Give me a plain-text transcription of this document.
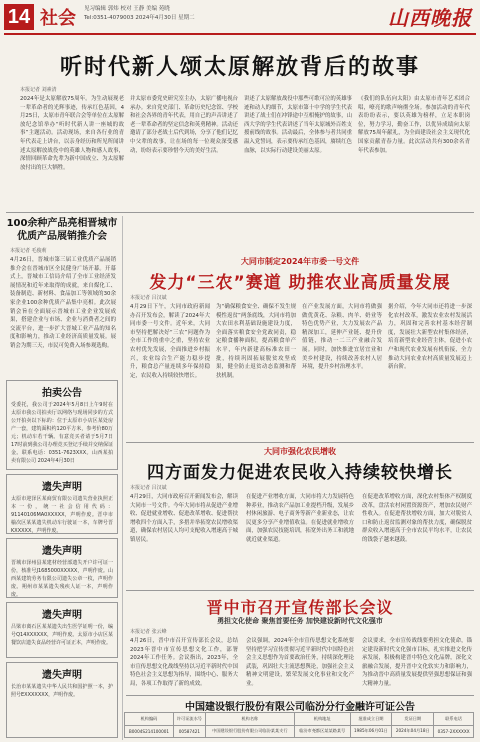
14 社会 见习编辑 郭炜 校对 王静 美编 苑晓
Tel:0351-4079003 2024年4月30日 星期二	山西晚报
听时代新人颂太原解放背后的故事
本报记者 刘素清
2024年是太原解放75周年。为生动展现老一辈革命者的光辉事迹，传承红色基因，4月25日，太原市青年联合会等单位在太原解放纪念馆举办“听时代新人讲一座城的故事”主题活动。活动现场，来自各行业的青年代表走上讲台，以亲身经历和所见所闻讲述太原解放战役中的英雄人物和感人故事，深情回顾革命先辈为新中国成立、为太原解放付出的巨大牺牲。
并太原市委党史研究室主办，太原广播电视台承办。来自党史部门、革命历史纪念馆、学校和社会各界的青年代表，用自己的声音讲述了老一辈革命者的坚定信念和英勇精神。活动还邀请了部分老战士后代到场，分享了他们记忆中父辈的故事，让在场的每一位观众深受感动，纷纷表示要珍惜今天的美好生活。
讲述了太原解放战役中那些可歌可泣的英雄事迹和动人的细节，太原市第十中学的学生代表讲述了战士们在冲锋途中互相掩护的故事，山西大学的学生代表讲述了当年太原城外百姓支援前线的故事。活动最后，全体参与者共同重温入党誓词，表示要传承红色基因，赓续红色血脉，以实际行动建设美丽太原。
《我们的队伍向太阳》由太原市青年艺术团合唱，嘹亮的歌声响彻全场。参加活动的青年代表纷纷表示，要以英雄为榜样，立足本职岗位，努力学习，勤奋工作，以优异成绩向太原解放75周年献礼，为全面建设社会主义现代化国家贡献青春力量。此次活动共有300余名青年代表参加。
100余种产品亮相晋城市优质产品展销推介会
本报记者 毛俊莉
4月26日，晋城市第三届工业优质产品展销推介会在晋城市区全民健身广场开幕。开幕式上，晋城市工信局介绍了全市工业经济发展情况和近年来取得的成就，来自煤化工、装备制造、新材料、食品加工等领域的30余家企业100余种优质产品集中亮相。此次展销会旨在全面展示晋城市工业企业发展成果，搭建企业与市场、企业与消费者之间的交流平台，进一步扩大晋城工业产品的知名度和影响力，推动工业经济高质量发展。展销会为期三天，市民可免费入场参观选购。
拍卖公告
受委托，我公司于2024年5月8日上午9时在太原市我公司拍卖厅以网络与现场同步的方式公开拍卖以下标的：位于太原市小店区某处房产一套，建筑面积约120平方米，参考价80万元；机动车若干辆。有意竞买者请于5月7日17时前到我公司办理竞买登记手续并交纳保证金。联系电话：0351-7623XXX。山西某拍卖有限公司 2024年4月30日
遗失声明
太原市迎泽区某商贸有限公司遗失营业执照正本一份，统一社会信用代码：91140106MA0XXXXX，声明作废。晋中市榆次区某某遗失机动车行驶证一本，车牌号晋KXXXXX，声明作废。
遗失声明
晋城市泽州县某建材经营部遗失开户许可证一份，核准号J1685000XXXXX，声明作废。山西某建筑劳务有限公司遗失公章一枚，声明作废。朔州市某某遗失残疾人证一本，声明作废。
遗失声明
吕梁市离石区某某遗失出生医学证明一份，编号Q14XXXXXX，声明作废。太原市小店区某餐饮店遗失食品经营许可证正本，声明作废。
遗失声明
长治市某某遗失中华人民共和国护照一本，护照号EXXXXXXX，声明作废。
大同市制定2024年市委一号文件
发力“三农”赛道 助推农业高质量发展
本报记者 吕汉斌
4月29日下午，大同市政府新闻办召开发布会，解读了2024年大同市委一号文件。近年来，大同市坚持把解决好“三农”问题作为全市工作的重中之重，坚持农业农村优先发展，全面推进乡村振兴，农业综合生产能力稳步提升，粮食总产量连续多年保持稳定，农民收入持续较快增长。
为“确保粮食安全、确保不发生规模性返贫”两条底线，大同市将加大农田水利基础设施建设力度，全面落实粮食安全党政同责，稳定粮食播种面积，提高粮食单产水平，年内新建高标准农田一批，持续巩固拓展脱贫攻坚成果，健全防止返贫动态监测和帮扶机制。
在产业发展方面，大同市将做强做优黄花、杂粮、肉羊、奶业等特色优势产业，大力发展农产品精深加工，延伸产业链、提升价值链，推动一二三产业融合发展。同时，加快推进宜居宜业和美乡村建设，持续改善农村人居环境，提升乡村治理水平。
据介绍，今年大同市还将进一步深化农村改革，激发农业农村发展活力，巩固和完善农村基本经营制度，发展壮大新型农村集体经济，培育新型农业经营主体，促进小农户和现代农业发展有机衔接，全力推动大同农业农村高质量发展迈上新台阶。
大同市强化农民增收
四方面发力促进农民收入持续较快增长
本报记者 吕汉斌
4月29日，大同市政府召开新闻发布会，解读大同市一号文件。今年大同市将从促进产业增收、促进就业增收、促进改革增收、促进帮扶增收四个方面入手，多措并举拓宽农民增收渠道，确保农村居民人均可支配收入增速高于城镇居民。
在促进产业增收方面，大同市将大力发展特色种养业，推动农产品加工业提档升级，发展乡村休闲旅游、电子商务等新产业新业态，让农民更多分享产业增值收益。在促进就业增收方面，加强农民技能培训，拓宽外出务工和就地就近就业渠道。
在促进改革增收方面，深化农村集体产权制度改革，盘活农村闲置资源资产，增加农民财产性收入。在促进帮扶增收方面，加大对脱贫人口和防止返贫监测对象的帮扶力度，确保脱贫群众收入增速高于全市农民平均水平，让农民的钱袋子越来越鼓。
晋中市召开宣传部长会议
勇担文化使命 聚焦首要任务 加快建设新时代文化强市
本报记者 张云峰
4月26日，晋中市召开宣传部长会议，总结2023年晋中市宣传思想文化工作，部署2024年工作任务。会议指出，2023年，全市宣传思想文化战线坚持以习近平新时代中国特色社会主义思想为指导，围绕中心、服务大局，各项工作取得了新的成效。
会议强调，2024年全市宣传思想文化系统要坚持把学习宣传贯彻习近平新时代中国特色社会主义思想作为首要政治任务，持续深化理论武装，巩固壮大主流思想舆论，加强社会主义精神文明建设，繁荣发展文化事业和文化产业。
会议要求，全市宣传战线要勇担文化使命，锚定建设新时代文化强市目标，扎实推进文化传承发展，积极构建晋中特色文化品牌，深化文旅融合发展，提升晋中文化软实力和影响力，为推动晋中高质量发展提供坚强思想保证和强大精神力量。
中国建设银行股份有限公司临汾分行金融许可证公告
机构编码	许可证流水号	机构名称	机构地址	批准成立日期	发证日期	联系电话
B0004S214100001	00587421	中国建设银行股份有限公司临汾某某支行	临汾市尧都区某某路某号	1985年06月01日	2024年04月18日	0357-2XXXXXX
